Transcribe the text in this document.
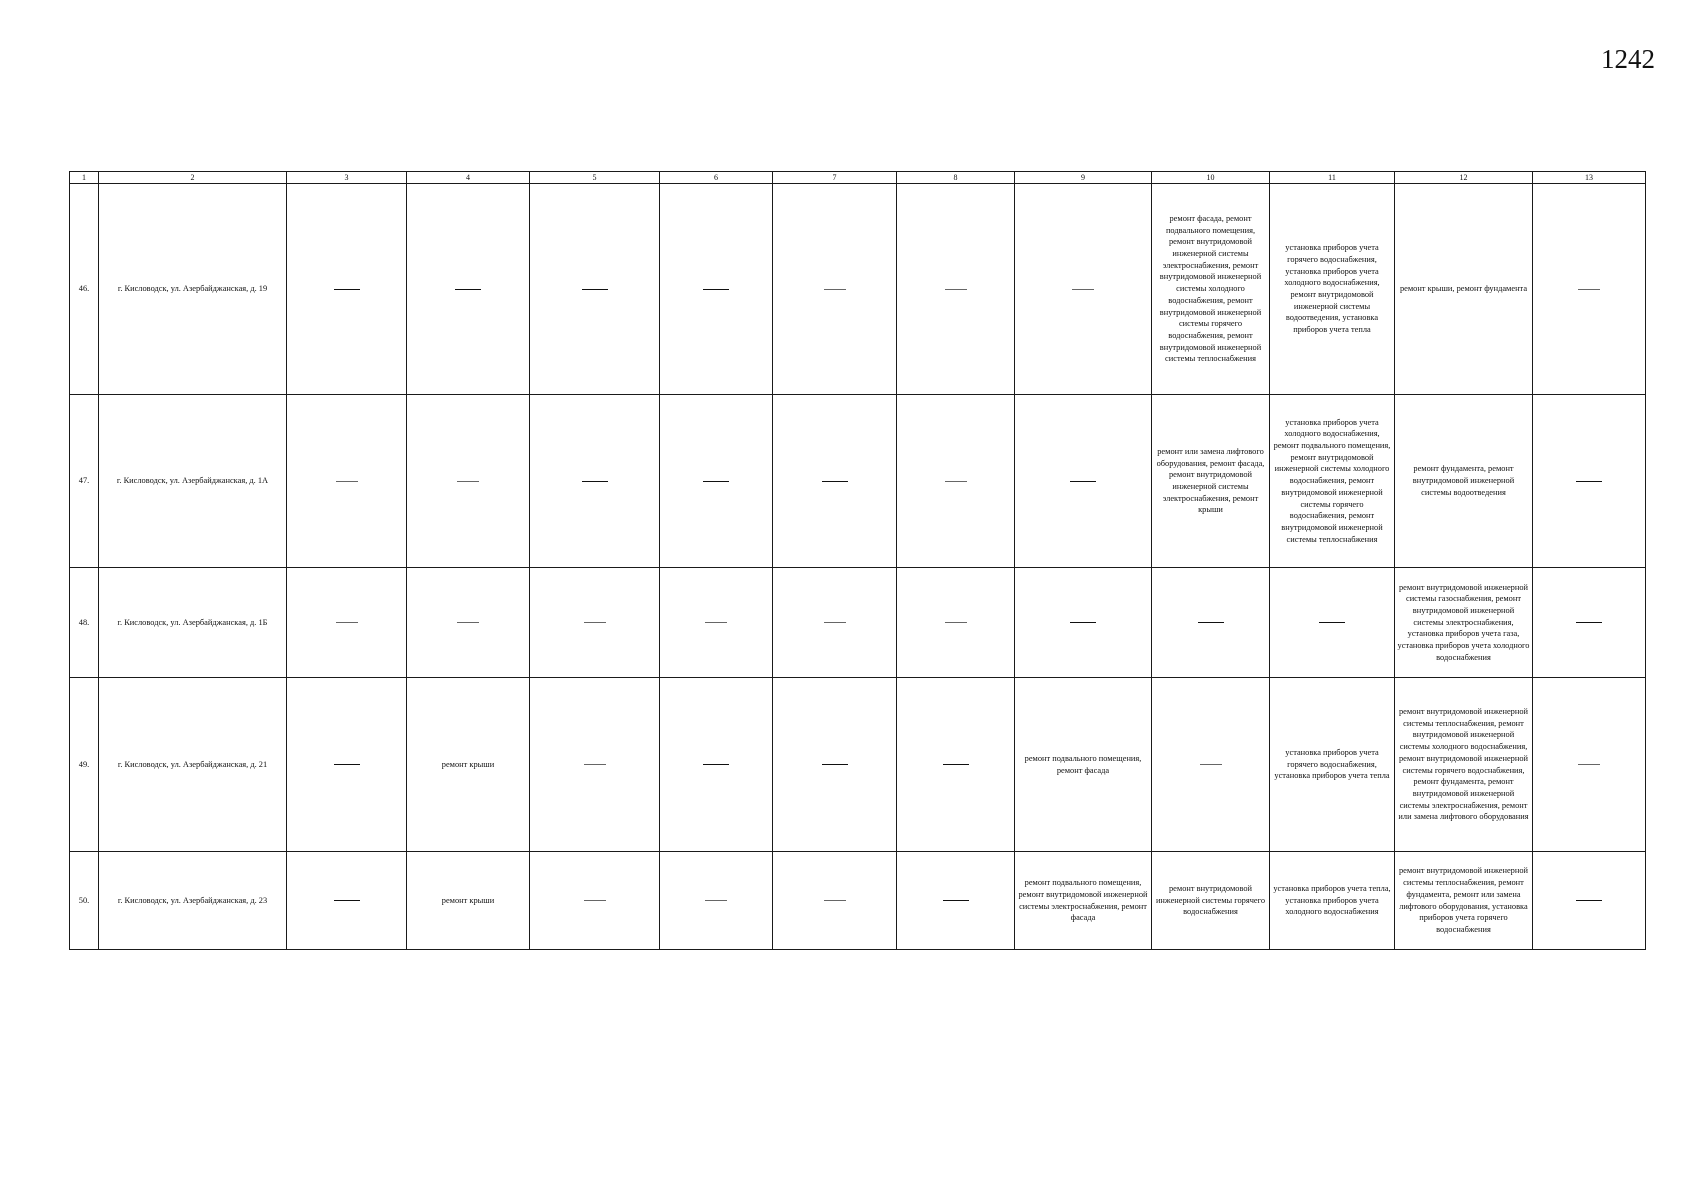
1242
1	2	3	4	5	6	7	8	9	10	11	12	13
46.	г. Кисловодск, ул. Азербайджанская, д. 19								ремонт фасада, ремонт подвального помещения, ремонт внутридомовой инженерной системы электроснабжения, ремонт внутридомовой инженерной системы холодного водоснабжения, ремонт внутридомовой инженерной системы горячего водоснабжения, ремонт внутридомовой инженерной системы теплоснабжения	установка приборов учета горячего водоснабжения, установка приборов учета холодного водоснабжения, ремонт внутридомовой инженерной системы водоотведения, установка приборов учета тепла	ремонт крыши, ремонт фундамента	
47.	г. Кисловодск, ул. Азербайджанская, д. 1А								ремонт или замена лифтового оборудования, ремонт фасада, ремонт внутридомовой инженерной системы электроснабжения, ремонт крыши	установка приборов учета холодного водоснабжения, ремонт подвального помещения, ремонт внутридомовой инженерной системы холодного водоснабжения, ремонт внутридомовой инженерной системы горячего водоснабжения, ремонт внутридомовой инженерной системы теплоснабжения	ремонт фундамента, ремонт внутридомовой инженерной системы водоотведения	
48.	г. Кисловодск, ул. Азербайджанская, д. 1Б										ремонт внутридомовой инженерной системы газоснабжения, ремонт внутридомовой инженерной системы электроснабжения, установка приборов учета газа, установка приборов учета холодного водоснабжения	
49.	г. Кисловодск, ул. Азербайджанская, д. 21		ремонт крыши					ремонт подвального помещения, ремонт фасада		установка приборов учета горячего водоснабжения, установка приборов учета тепла	ремонт внутридомовой инженерной системы теплоснабжения, ремонт внутридомовой инженерной системы холодного водоснабжения, ремонт внутридомовой инженерной системы горячего водоснабжения, ремонт фундамента, ремонт внутридомовой инженерной системы электроснабжения, ремонт или замена лифтового оборудования	
50.	г. Кисловодск, ул. Азербайджанская, д. 23		ремонт крыши					ремонт подвального помещения, ремонт внутридомовой инженерной системы электроснабжения, ремонт фасада	ремонт внутридомовой инженерной системы горячего водоснабжения	установка приборов учета тепла, установка приборов учета холодного водоснабжения	ремонт внутридомовой инженерной системы теплоснабжения, ремонт фундамента, ремонт или замена лифтового оборудования, установка приборов учета горячего водоснабжения	
